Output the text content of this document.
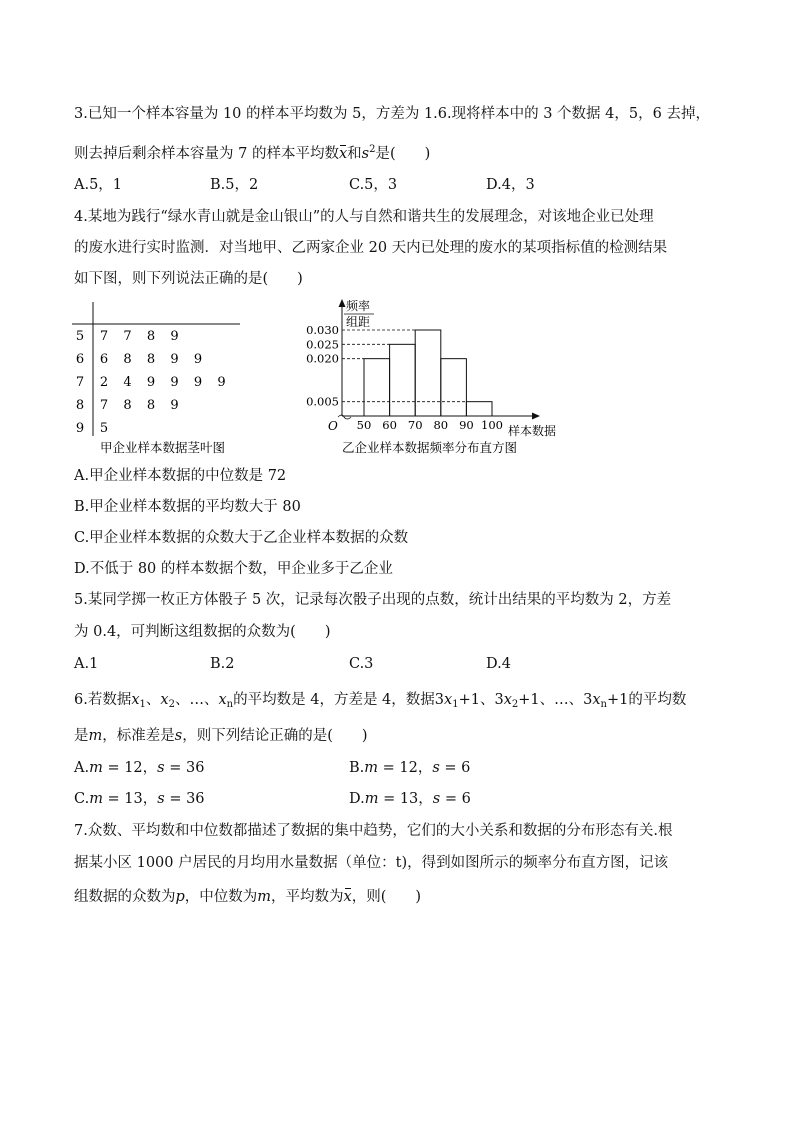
3.已知一个样本容量为 10 的样本平均数为 5，方差为 1.6.现将样本中的 3 个数据 4，5，6 去掉，
则去掉后剩余样本容量为 7 的样本平均数x和$s^2$是(　　)
A.5，1	B.5，2	C.5，3	D.4，3
4.某地为践行“绿水青山就是金山银山”的人与自然和谐共生的发展理念，对该地企业已处理
的废水进行实时监测．对当地甲、乙两家企业 20 天内已处理的废水的某项指标值的检测结果
如下图，则下列说法正确的是(　　)
5 7 7 8 9
6 6 8 8 9 9
7 2 4 9 9 9 9
8 7 8 8 9
9 5
甲企业样本数据茎叶图
频率
组距
O
0.030
0.025
0.020
0.005
50 60 70 80 90 100 样本数据
乙企业样本数据频率分布直方图
A.甲企业样本数据的中位数是 72
B.甲企业样本数据的平均数大于 80
C.甲企业样本数据的众数大于乙企业样本数据的众数
D.不低于 80 的样本数据个数，甲企业多于乙企业
5.某同学掷一枚正方体骰子 5 次，记录每次骰子出现的点数，统计出结果的平均数为 2，方差
为 0.4，可判断这组数据的众数为(　　)
A.1	B.2	C.3	D.4
6.若数据$x_1$、$x_2$、…、$x_n$的平均数是 4，方差是 4，数据$3x_1+1$、$3x_2+1$、…、$3x_n+1$的平均数
是m，标准差是s，则下列结论正确的是(　　)
A.m = 12，s = 36	B.m = 12，s = 6
C.m = 13，s = 36	D.m = 13，s = 6
7.众数、平均数和中位数都描述了数据的集中趋势，它们的大小关系和数据的分布形态有关.根
据某小区 1000 户居民的月均用水量数据（单位：t)，得到如图所示的频率分布直方图，记该
组数据的众数为p，中位数为m，平均数为x，则(　　)
